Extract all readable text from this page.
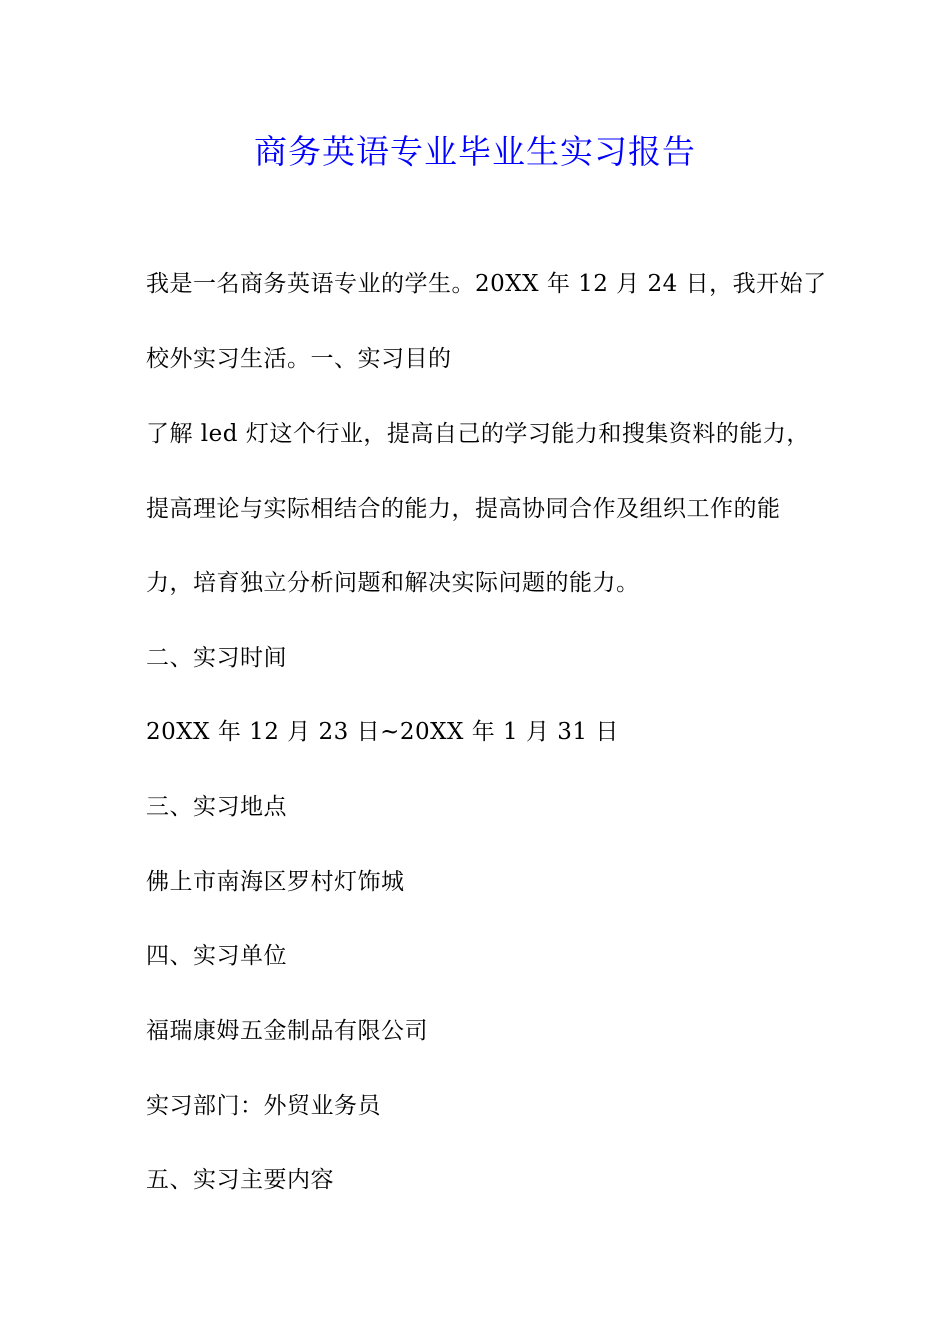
商务英语专业毕业生实习报告

我是一名商务英语专业的学生。20XX 年 12 月 24 日，我开始了

校外实习生活。一、实习目的

了解 led 灯这个行业，提高自己的学习能力和搜集资料的能力，

提高理论与实际相结合的能力，提高协同合作及组织工作的能

力，培育独立分析问题和解决实际问题的能力。

二、实习时间

20XX 年 12 月 23 日~20XX 年 1 月 31 日

三、实习地点

佛上市南海区罗村灯饰城

四、实习单位

福瑞康姆五金制品有限公司

实习部门：外贸业务员

五、实习主要内容
